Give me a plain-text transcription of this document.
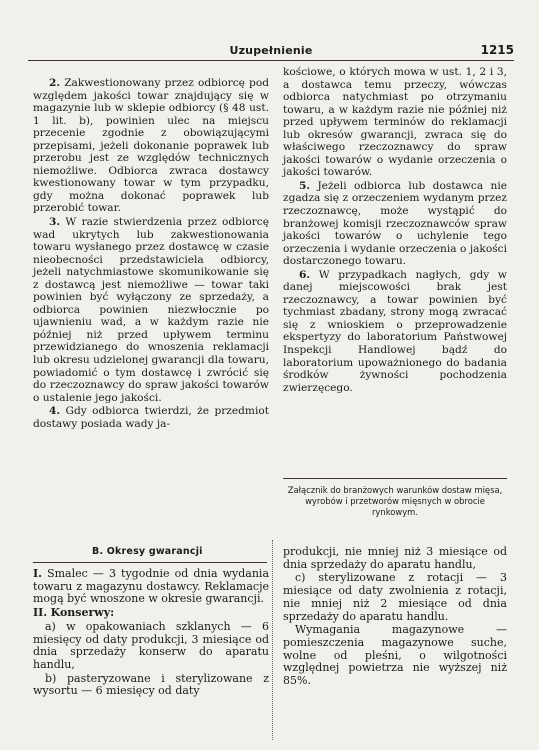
Uzupełnienie	1215

2. Zakwestionowany przez odbiorcę pod względem jakości towar znajdujący się w magazynie lub w sklepie odbiorcy (§ 48 ust. 1 lit. b), powinien ulec na miejscu przecenie zgodnie z obowiązującymi przepisami, jeżeli dokonanie poprawek lub przerobu jest ze względów technicznych niemożliwe. Odbiorca zwraca dostawcy kwestionowany towar w tym przypadku, gdy można dokonać poprawek lub przerobić towar.

3. W razie stwierdzenia przez odbiorcę wad ukrytych lub zakwestionowania towaru wysłanego przez dostawcę w czasie nieobecności przedstawiciela odbiorcy, jeżeli natychmiastowe skomunikowanie się z dostawcą jest niemożliwe — towar taki powinien być wyłączony ze sprzedaży, a odbiorca powinien niezwłocznie po ujawnieniu wad, a w każdym razie nie później niż przed upływem terminu przewidzianego do wnoszenia reklamacji lub okresu udzielonej gwarancji dla towaru, powiadomić o tym dostawcę i zwrócić się do rzeczoznawcy do spraw jakości towarów o ustalenie jego jakości.

4. Gdy odbiorca twierdzi, że przedmiot dostawy posiada wady ja-

kościowe, o których mowa w ust. 1, 2 i 3, a dostawca temu przeczy, wówczas odbiorca natychmiast po otrzymaniu towaru, a w każdym razie nie później niż przed upływem terminów do reklamacji lub okresów gwarancji, zwraca się do właściwego rzeczoznawcy do spraw jakości towarów o wydanie orzeczenia o jakości towarów.

5. Jeżeli odbiorca lub dostawca nie zgadza się z orzeczeniem wydanym przez rzeczoznawcę, może wystąpić do branżowej komisji rzeczoznawców spraw jakości towarów o uchylenie tego orzeczenia i wydanie orzeczenia o jakości dostarczonego towaru.

6. W przypadkach nagłych, gdy w danej miejscowości brak jest rzeczoznawcy, a towar powinien być tychmiast zbadany, strony mogą zwracać się z wnioskiem o przeprowadzenie ekspertyzy do laboratorium Państwowej Inspekcji Handlowej bądź do laboratorium upoważnionego do badania środków żywności pochodzenia zwierzęcego.

Załącznik do branżowych warunków dostaw mięsa, wyrobów i przetworów mięsnych w obrocie rynkowym.
B. Okresy gwarancji

I. Smalec — 3 tygodnie od dnia wydania towaru z magazynu dostawcy. Reklamacje mogą być wnoszone w okresie gwarancji.

II. Konserwy:

a) w opakowaniach szklanych — 6 miesięcy od daty produkcji, 3 miesiące od dnia sprzedaży konserw do aparatu handlu,

b) pasteryzowane i sterylizowane z wysortu — 6 miesięcy od daty

produkcji, nie mniej niż 3 miesiące od dnia sprzedaży do aparatu handlu,

c) sterylizowane z rotacji — 3 miesiące od daty zwolnienia z rotacji, nie mniej niż 2 miesiące od dnia sprzedaży do aparatu handlu.

Wymagania magazynowe — pomieszczenia magazynowe suche, wolne od pleśni, o wilgotności względnej powietrza nie wyższej niż 85%.
